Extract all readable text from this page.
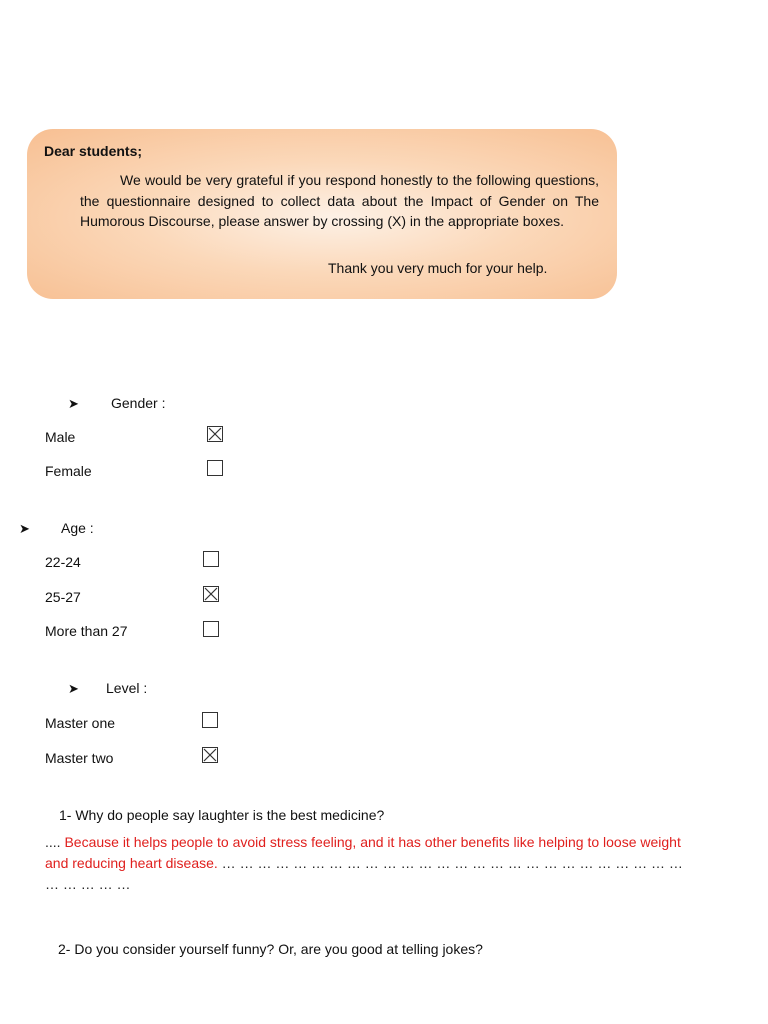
Dear students;
We would be very grateful if you respond honestly to the following questions, the questionnaire designed to collect data about the Impact of Gender on The Humorous Discourse, please answer by crossing (X) in the appropriate boxes.
Thank you very much for your help.
➤ Gender :
Male
Female
➤ Age :
22-24
25-27
More than 27
➤ Level :
Master one
Master two
1- Why do people say laughter is the best medicine?
.... Because it helps people to avoid stress feeling, and it has other benefits like helping to loose weight and reducing heart disease. … … … … … … … … … … … … … … … … … … … … … … … … … … … … … … …
2- Do you consider yourself funny? Or, are you good at telling jokes?
